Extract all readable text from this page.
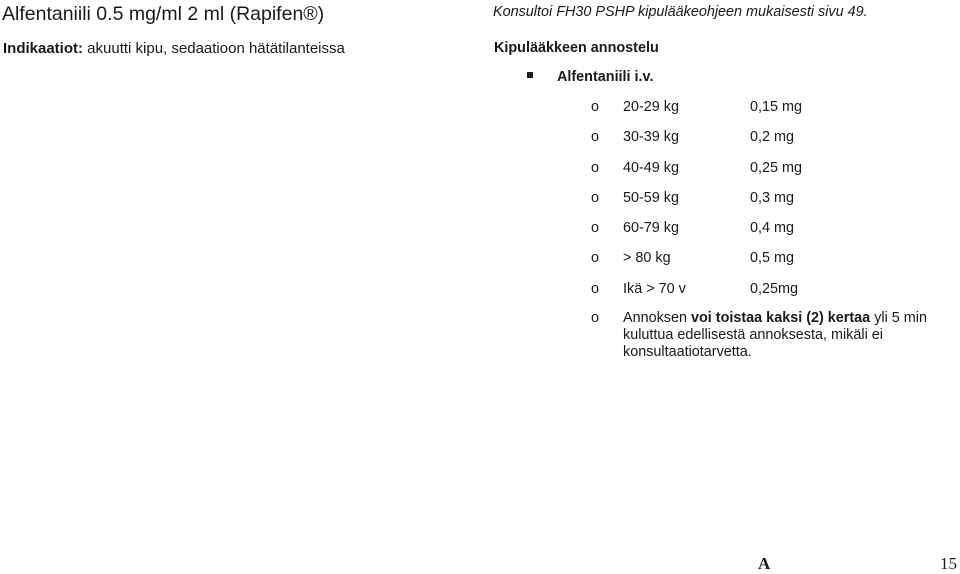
Alfentaniili 0.5 mg/ml 2 ml (Rapifen®)
Indikaatiot: akuutti kipu, sedaatioon hätätilanteissa
Konsultoi FH30 PSHP kipulääkeohjeen mukaisesti sivu 49.
Kipulääkkeen annostelu
Alfentaniili i.v.
o 20-29 kg	0,15 mg
o 30-39 kg	0,2 mg
o 40-49 kg	0,25 mg
o 50-59 kg	0,3 mg
o 60-79 kg	0,4 mg
o > 80 kg	0,5 mg
o Ikä > 70 v	0,25mg
o Annoksen voi toistaa kaksi (2) kertaa yli 5 min kuluttua edellisestä annoksesta, mikäli ei konsultaatiotarvetta.
A	15
